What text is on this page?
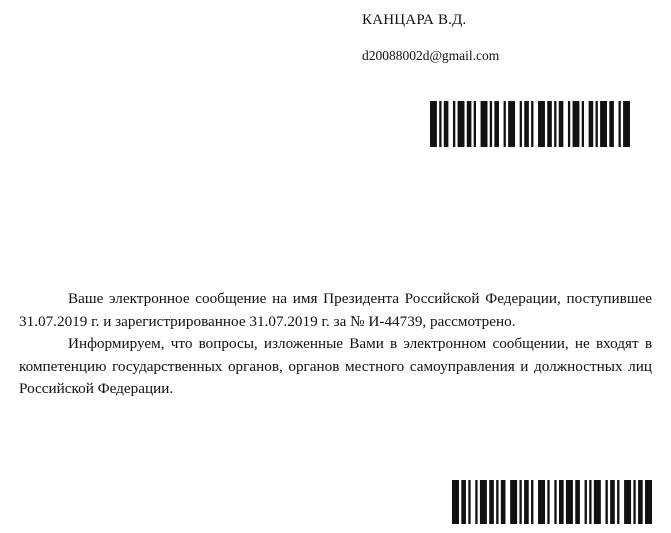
КАНЦАРА В.Д.
d20088002d@gmail.com

Ваше электронное сообщение на имя Президента Российской Федерации, поступившее 31.07.2019 г. и зарегистрированное 31.07.2019 г. за № И-44739, рассмотрено.

Информируем, что вопросы, изложенные Вами в электронном сообщении, не входят в компетенцию государственных органов, органов местного самоуправления и должностных лиц Российской Федерации.
